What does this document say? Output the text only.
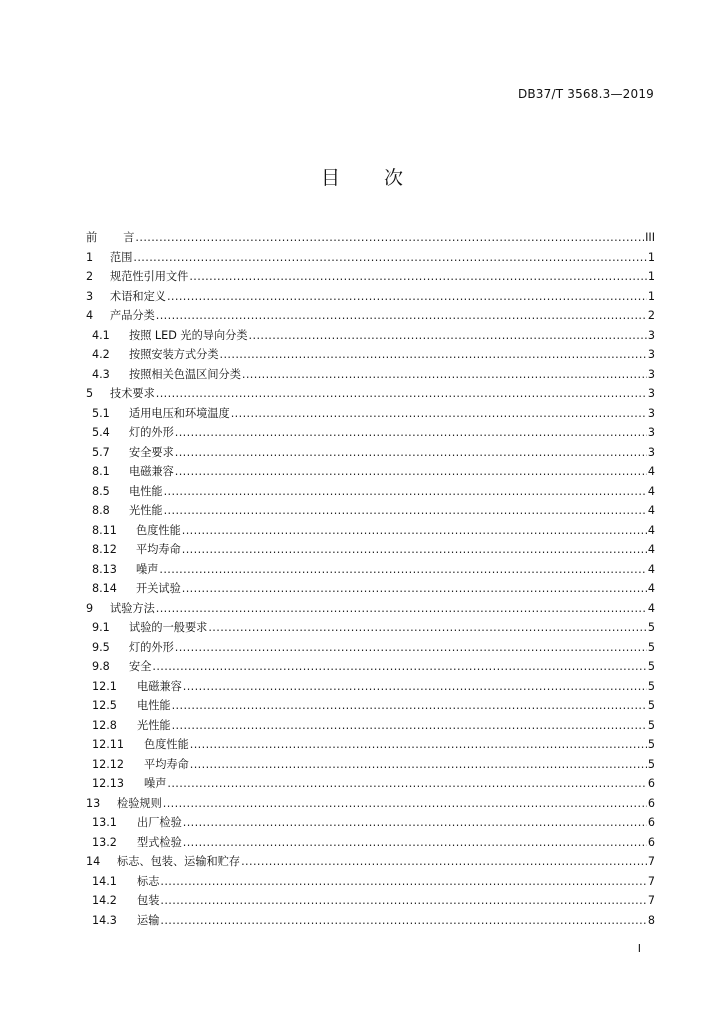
DB37/T 3568.3—2019
目 次
前 言 .....	III
1	范围 .....	1
2	规范性引用文件 .....	1
3	术语和定义 .....	1
4	产品分类 .....	2
4.1	按照 LED 光的导向分类 .....	3
4.2	按照安装方式分类 .....	3
4.3	按照相关色温区间分类 .....	3
5	技术要求 .....	3
5.1	适用电压和环境温度 .....	3
5.4	灯的外形 .....	3
5.7	安全要求 .....	3
8.1	电磁兼容 .....	4
8.5	电性能 .....	4
8.8	光性能 .....	4
8.11	色度性能 .....	4
8.12	平均寿命 .....	4
8.13	噪声 .....	4
8.14	开关试验 .....	4
9	试验方法 .....	4
9.1	试验的一般要求 .....	5
9.5	灯的外形 .....	5
9.8	安全 .....	5
12.1	电磁兼容 .....	5
12.5	电性能 .....	5
12.8	光性能 .....	5
12.11	色度性能 .....	5
12.12	平均寿命 .....	5
12.13	噪声 .....	6
13	检验规则 .....	6
13.1	出厂检验 .....	6
13.2	型式检验 .....	6
14	标志、包装、运输和贮存 .....	7
14.1	标志 .....	7
14.2	包装 .....	7
14.3	运输 .....	8
I
